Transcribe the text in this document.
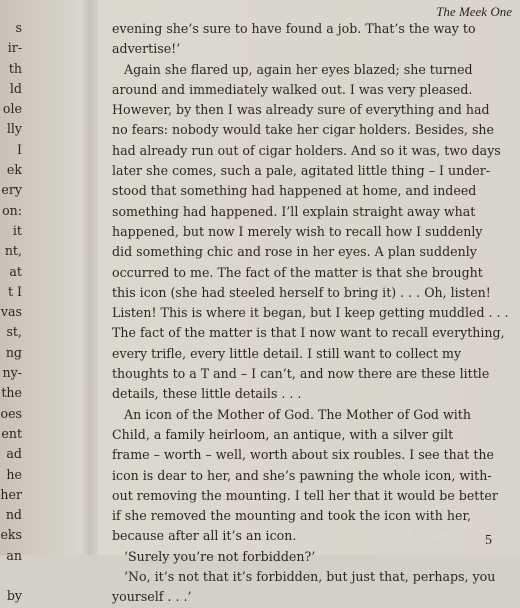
s
ir-
th
ld
ole
lly
I
ek
ery
on:
it
nt,
at
t I
vas
st,
ng
ny-
the
oes
ent
ad
he
her
nd
eks
an
by
The Meek One
evening she’s sure to have found a job. That’s the way to
advertise!’
Again she flared up, again her eyes blazed; she turned
around and immediately walked out. I was very pleased.
However, by then I was already sure of everything and had
no fears: nobody would take her cigar holders. Besides, she
had already run out of cigar holders. And so it was, two days
later she comes, such a pale, agitated little thing – I under-
stood that something had happened at home, and indeed
something had happened. I’ll explain straight away what
happened, but now I merely wish to recall how I suddenly
did something chic and rose in her eyes. A plan suddenly
occurred to me. The fact of the matter is that she brought
this icon (she had steeled herself to bring it) . . . Oh, listen!
Listen! This is where it began, but I keep getting muddled . . .
The fact of the matter is that I now want to recall everything,
every trifle, every little detail. I still want to collect my
thoughts to a T and – I can’t, and now there are these little
details, these little details . . .
An icon of the Mother of God. The Mother of God with
Child, a family heirloom, an antique, with a silver gilt
frame – worth – well, worth about six roubles. I see that the
icon is dear to her, and she’s pawning the whole icon, with-
out removing the mounting. I tell her that it would be better
if she removed the mounting and took the icon with her,
because after all it’s an icon.
‘Surely you’re not forbidden?’
‘No, it’s not that it’s forbidden, but just that, perhaps, you
yourself . . .’
5
